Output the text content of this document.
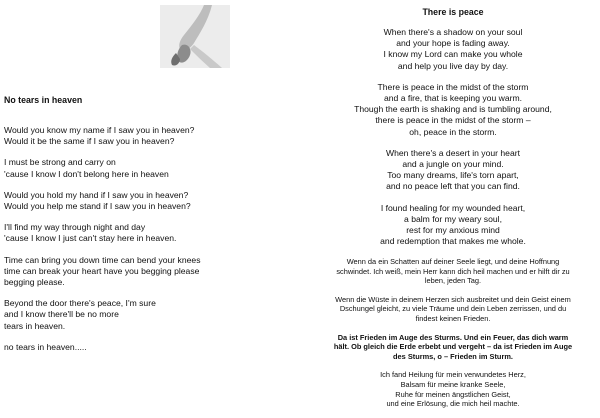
No tears in heaven

Would you know my name if I saw you in heaven?
Would it be the same if I saw you in heaven?

I must be strong and carry on
'cause I know I don't belong here in heaven

Would you hold my hand if I saw you in heaven?
Would you help me stand if I saw you in heaven?

I'll find my way through night and day
'cause I know I just can't stay here in heaven.

Time can bring you down time can bend your knees
time can break your heart have you begging please
begging please.

Beyond the door there's peace, I'm sure
and I know there'll be no more
tears in heaven.

no tears in heaven.....

There is peace

When there's a shadow on your soul
and your hope is fading away.
I know my Lord can make you whole
and help you live day by day.

There is peace in the midst of the storm
and a fire, that is keeping you warm.
Though the earth is shaking and is tumbling around,
there is peace in the midst of the storm –
oh, peace in the storm.

When there's a desert in your heart
and a jungle on your mind.
Too many dreams, life's torn apart,
and no peace left that you can find.

I found healing for my wounded heart,
a balm for my weary soul,
rest for my anxious mind
and redemption that makes me whole.

Wenn da ein Schatten auf deiner Seele liegt, und deine Hoffnung
schwindet. Ich weiß, mein Herr kann dich heil machen und er hilft dir zu
leben, jeden Tag.

Wenn die Wüste in deinem Herzen sich ausbreitet und dein Geist einem
Dschungel gleicht, zu viele Träume und dein Leben zerrissen, und du
findest keinen Frieden.

Da ist Frieden im Auge des Sturms. Und ein Feuer, das dich warm
hält. Ob gleich die Erde erbebt und vergeht – da ist Frieden im Auge
des Sturms, o – Frieden im Sturm.

Ich fand Heilung für mein verwundetes Herz,
Balsam für meine kranke Seele,
Ruhe für meinen ängstlichen Geist,
und eine Erlösung, die mich heil machte.
